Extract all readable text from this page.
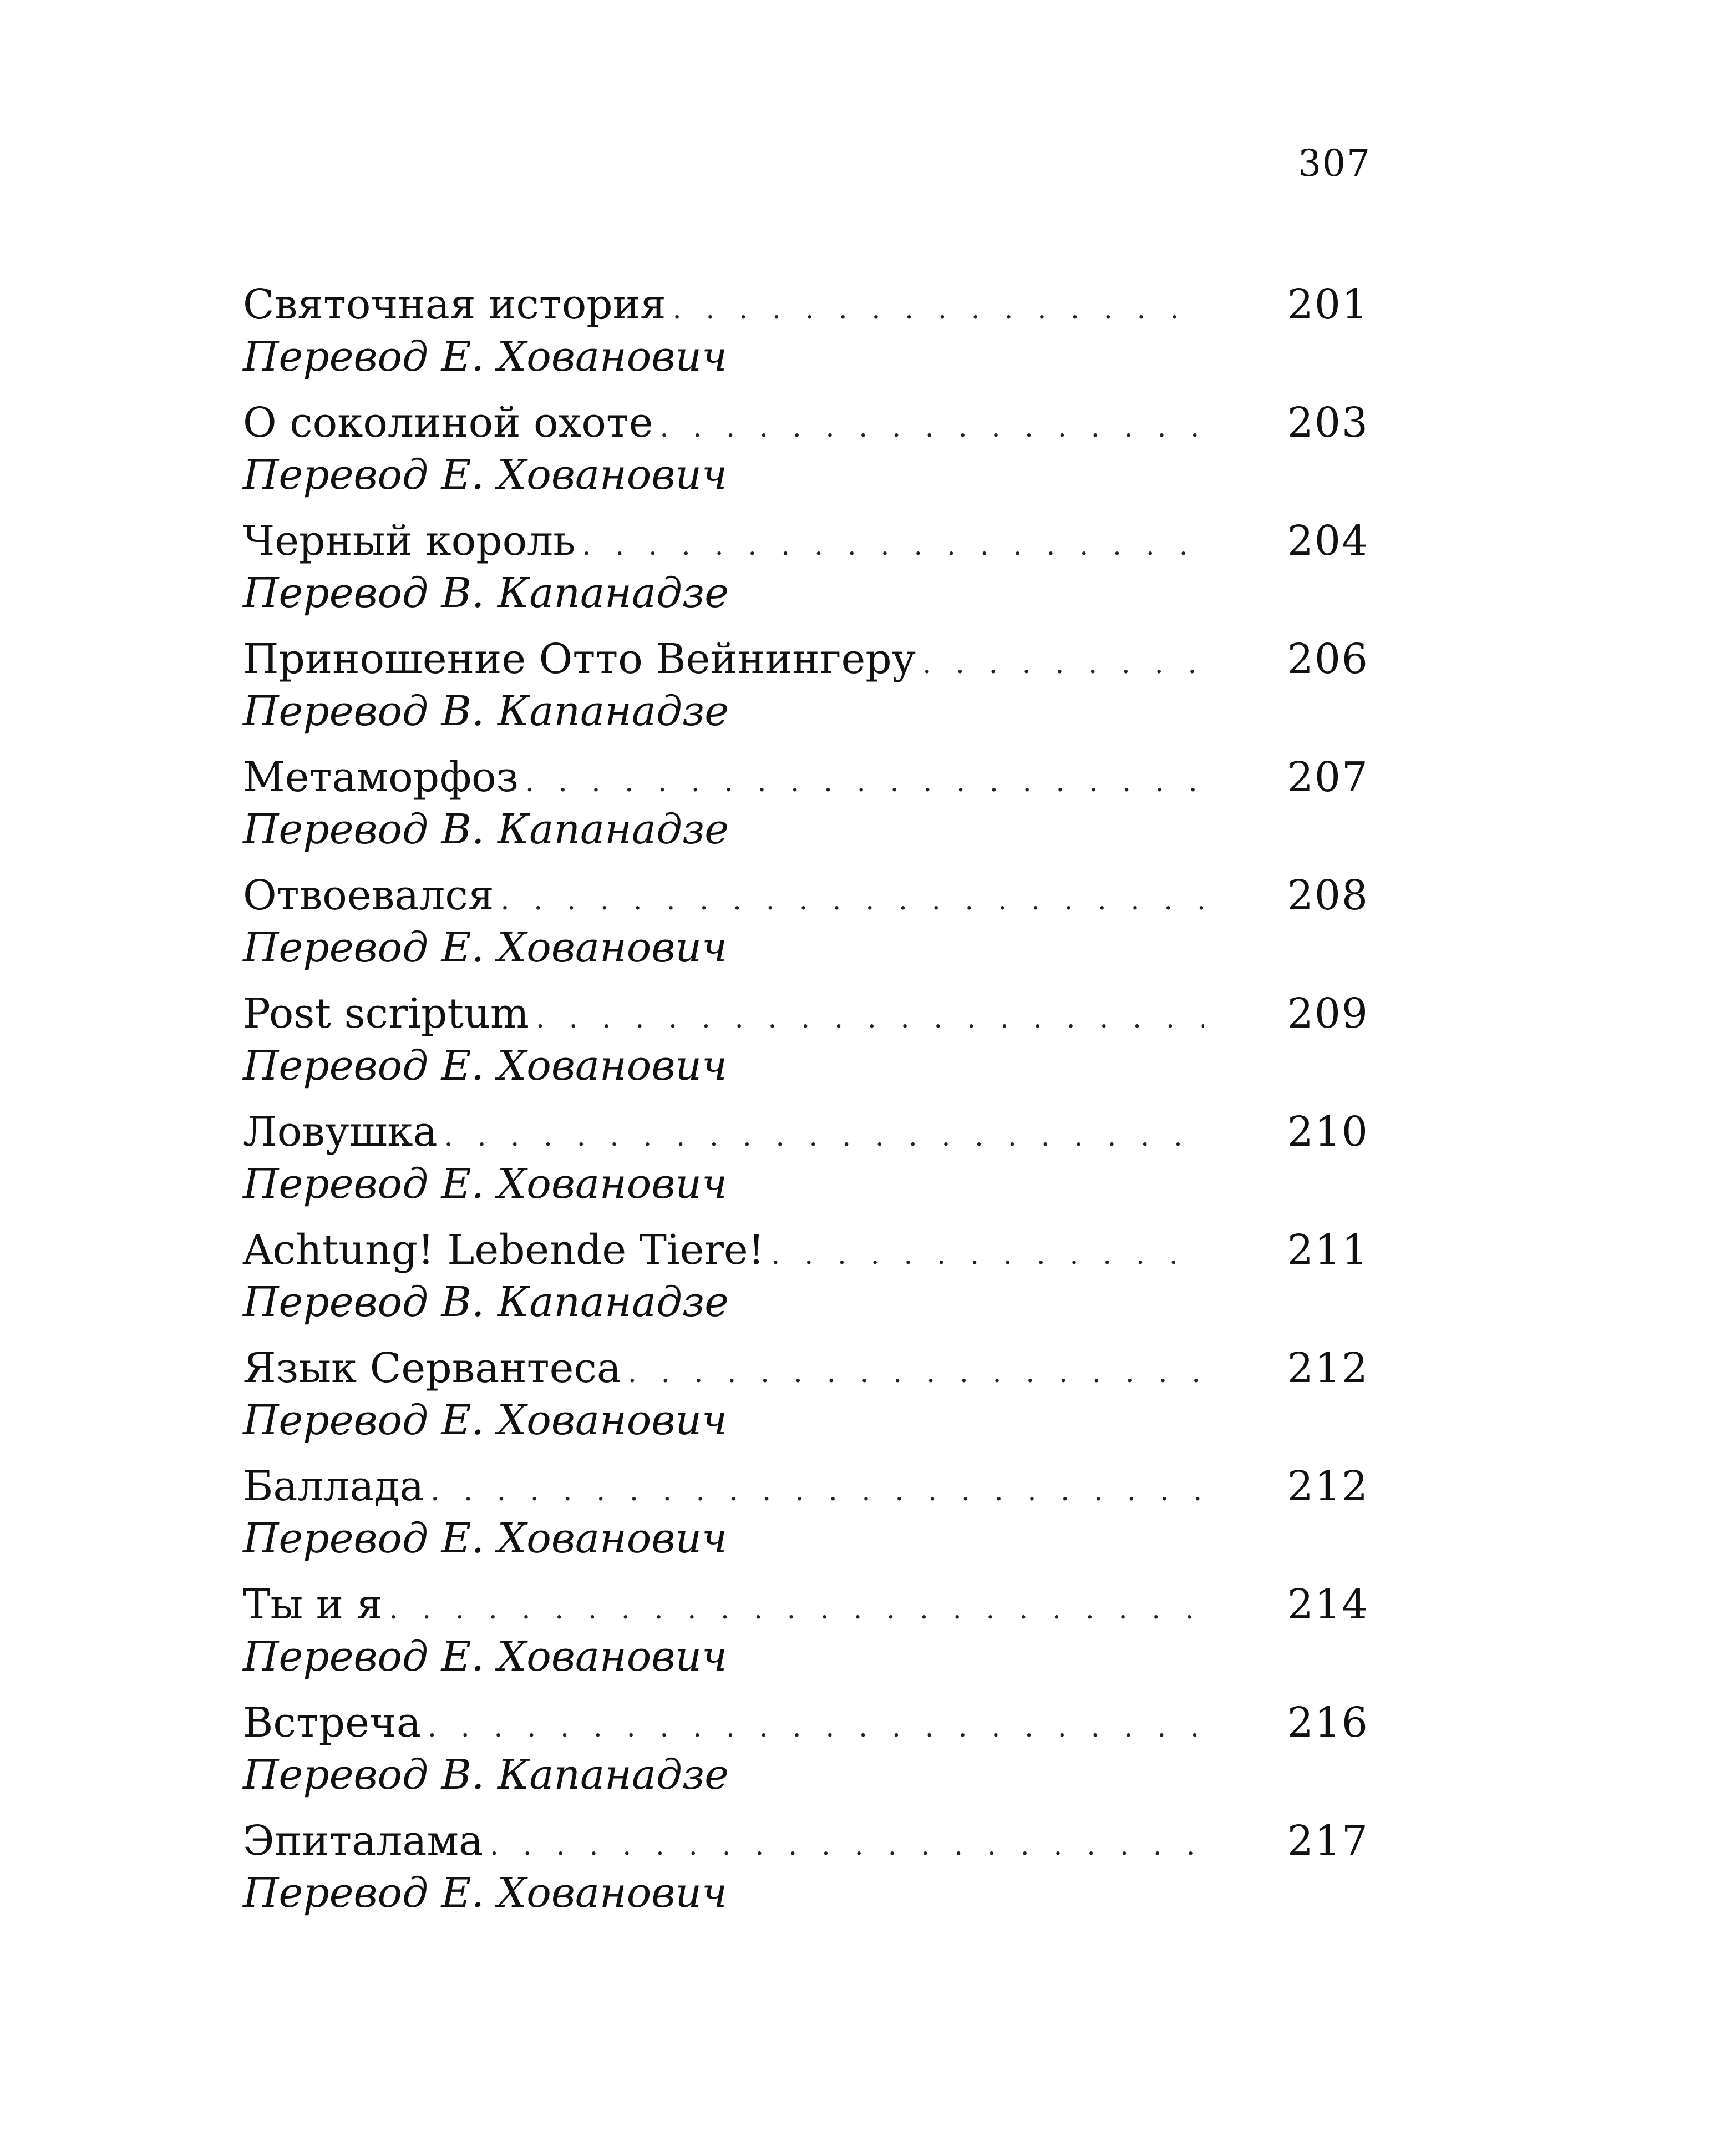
307
Святочная история . . .	201
Перевод Е. Хованович
О соколиной охоте . . .	203
Перевод Е. Хованович
Черный король . . .	204
Перевод В. Капанадзе
Приношение Отто Вейнингеру . . .	206
Перевод В. Капанадзе
Метаморфоз . . .	207
Перевод В. Капанадзе
Отвоевался . . .	208
Перевод Е. Хованович
Post scriptum . . .	209
Перевод Е. Хованович
Ловушка . . .	210
Перевод Е. Хованович
Achtung! Lebende Tiere! . . .	211
Перевод В. Капанадзе
Язык Сервантеса . . .	212
Перевод Е. Хованович
Баллада . . .	212
Перевод Е. Хованович
Ты и я . . .	214
Перевод Е. Хованович
Встреча . . .	216
Перевод В. Капанадзе
Эпиталама . . .	217
Перевод Е. Хованович
